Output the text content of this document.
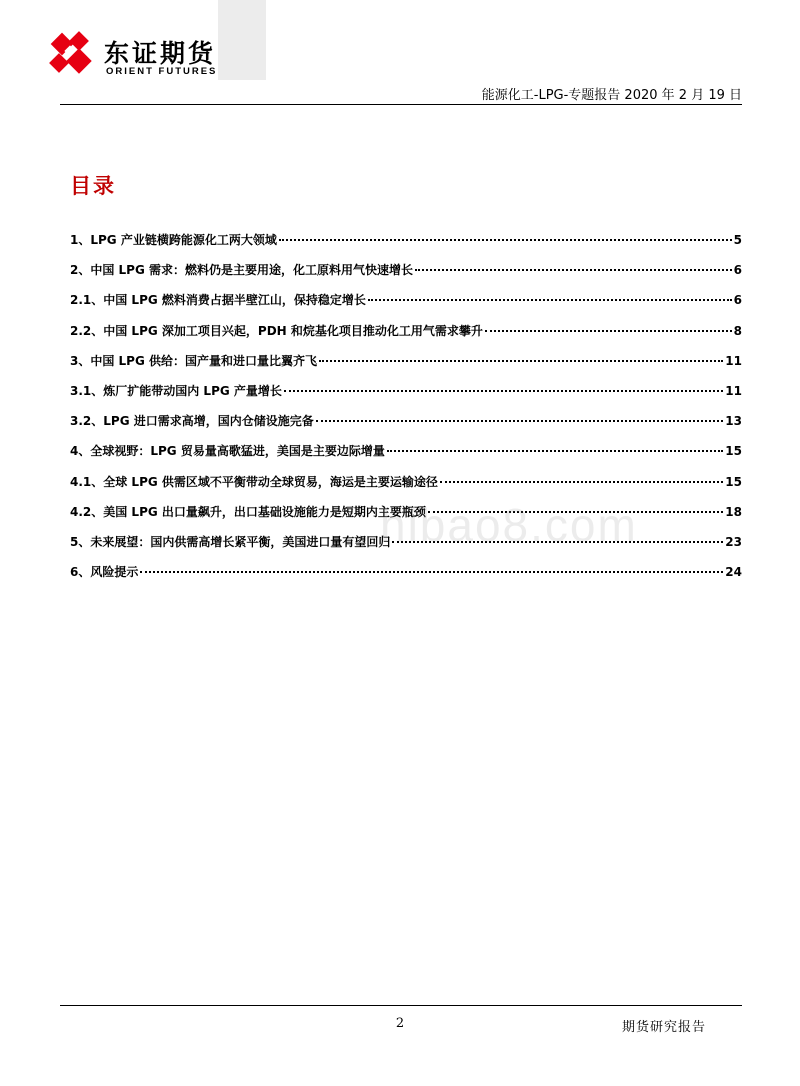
东证期货
ORIENT FUTURES
能源化工-LPG-专题报告 2020 年 2 月 19 日
目录
1、LPG 产业链横跨能源化工两大领域	5
2、中国 LPG 需求：燃料仍是主要用途，化工原料用气快速增长	6
2.1、中国 LPG 燃料消费占据半壁江山，保持稳定增长	6
2.2、中国 LPG 深加工项目兴起，PDH 和烷基化项目推动化工用气需求攀升	8
3、中国 LPG 供给：国产量和进口量比翼齐飞	11
3.1、炼厂扩能带动国内 LPG 产量增长	11
3.2、LPG 进口需求高增，国内仓储设施完备	13
4、全球视野：LPG 贸易量高歌猛进，美国是主要边际增量	15
4.1、全球 LPG 供需区域不平衡带动全球贸易，海运是主要运输途径	15
4.2、美国 LPG 出口量飙升，出口基础设施能力是短期内主要瓶颈	18
5、未来展望：国内供需高增长紧平衡，美国进口量有望回归	23
6、风险提示	24
hibao8.com
2	期货研究报告
